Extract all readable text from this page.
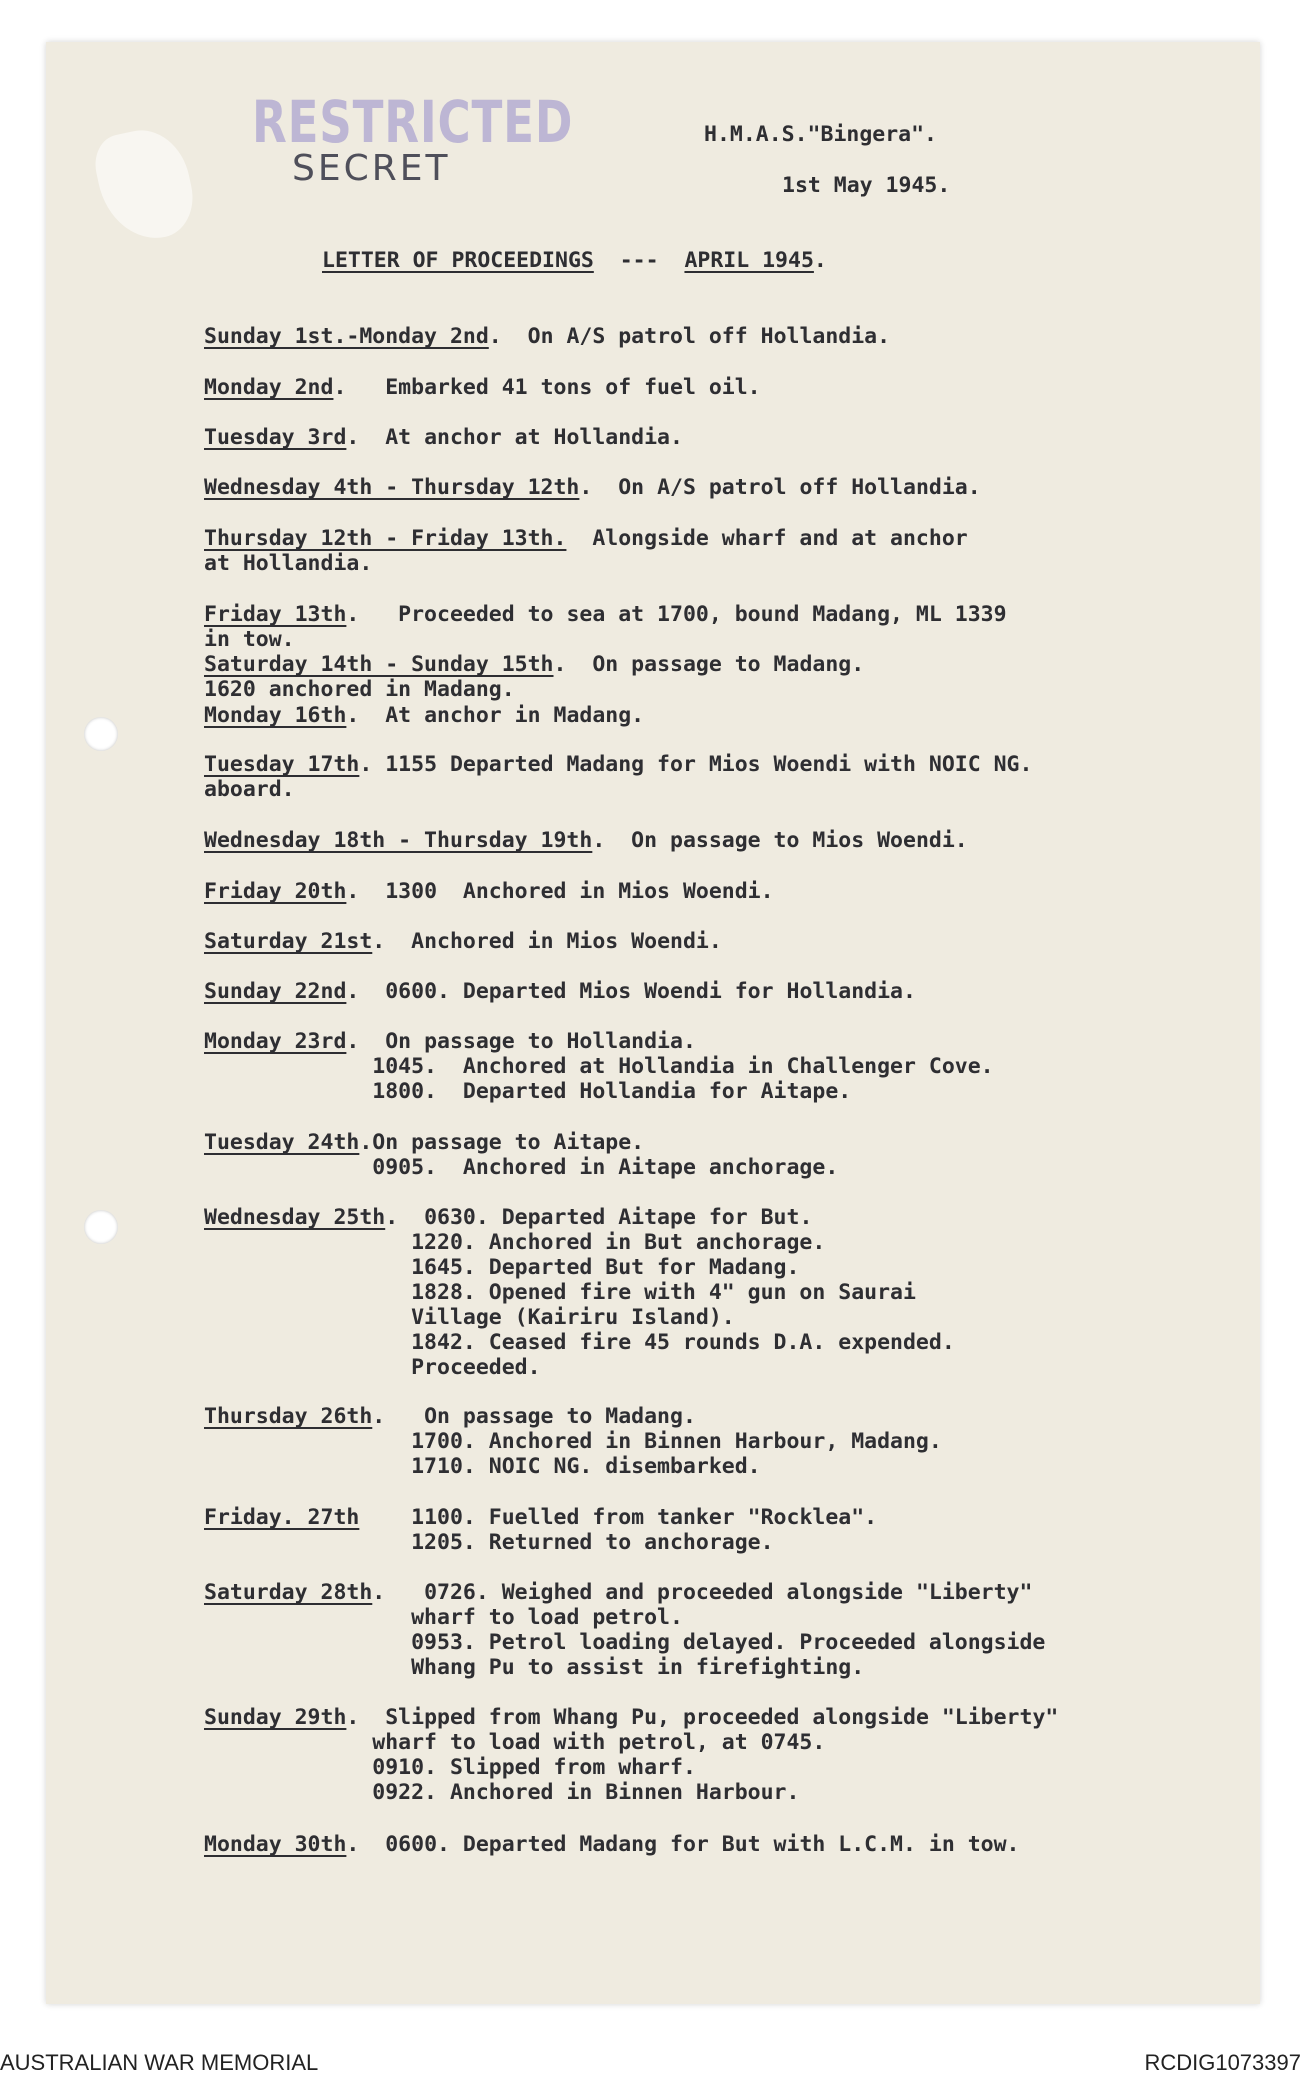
RESTRICTED
SECRET
H.M.A.S."Bingera".
1st May 1945.
LETTER OF PROCEEDINGS --- APRIL 1945.
Sunday 1st.-Monday 2nd.  On A/S patrol off Hollandia.
Monday 2nd.   Embarked 41 tons of fuel oil.
Tuesday 3rd.  At anchor at Hollandia.
Wednesday 4th - Thursday 12th.  On A/S patrol off Hollandia.
Thursday 12th - Friday 13th. Alongside wharf and at anchor
at Hollandia.
Friday 13th.   Proceeded to sea at 1700, bound Madang, ML 1339
in tow.
Saturday 14th - Sunday 15th.  On passage to Madang.
1620 anchored in Madang.
Monday 16th.  At anchor in Madang.
Tuesday 17th. 1155 Departed Madang for Mios Woendi with NOIC NG.
aboard.
Wednesday 18th - Thursday 19th.  On passage to Mios Woendi.
Friday 20th.  1300  Anchored in Mios Woendi.
Saturday 21st.  Anchored in Mios Woendi.
Sunday 22nd.  0600. Departed Mios Woendi for Hollandia.
Monday 23rd.  On passage to Hollandia.
1045.  Anchored at Hollandia in Challenger Cove.
1800.  Departed Hollandia for Aitape.
Tuesday 24th.On passage to Aitape.
0905.  Anchored in Aitape anchorage.
Wednesday 25th.  0630. Departed Aitape for But.
1220. Anchored in But anchorage.
1645. Departed But for Madang.
1828. Opened fire with 4" gun on Saurai
Village (Kairiru Island).
1842. Ceased fire 45 rounds D.A. expended.
Proceeded.
Thursday 26th.   On passage to Madang.
1700. Anchored in Binnen Harbour, Madang.
1710. NOIC NG. disembarked.
Friday. 27th 1100. Fuelled from tanker "Rocklea".
1205. Returned to anchorage.
Saturday 28th.   0726. Weighed and proceeded alongside "Liberty"
wharf to load petrol.
0953. Petrol loading delayed. Proceeded alongside
Whang Pu to assist in firefighting.
Sunday 29th.  Slipped from Whang Pu, proceeded alongside "Liberty"
wharf to load with petrol, at 0745.
0910. Slipped from wharf.
0922. Anchored in Binnen Harbour.
Monday 30th.  0600. Departed Madang for But with L.C.M. in tow.
AUSTRALIAN WAR MEMORIAL	RCDIG1073397
